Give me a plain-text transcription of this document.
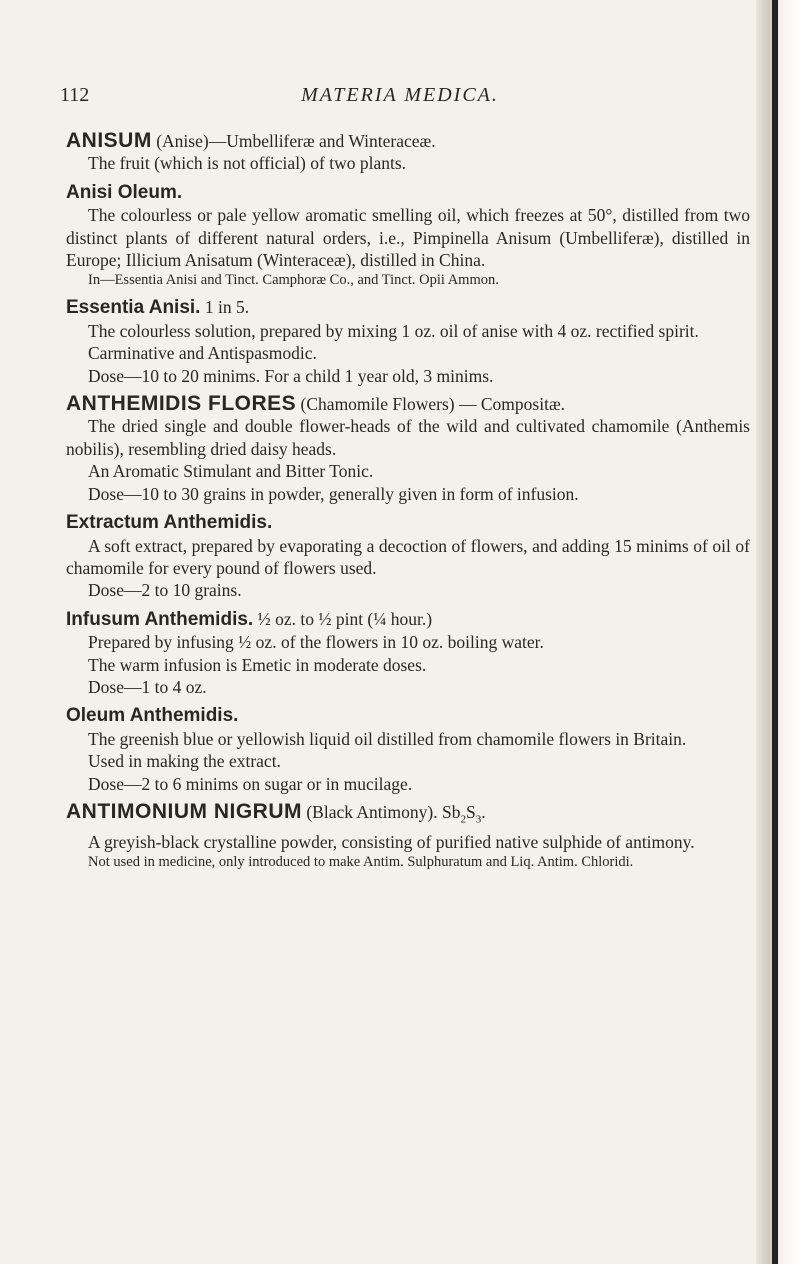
112	MATERIA MEDICA.
ANISUM (Anise)—Umbelliferæ and Winteraceæ.

The fruit (which is not official) of two plants.

Anisi Oleum.

The colourless or pale yellow aromatic smelling oil, which freezes at 50°, distilled from two distinct plants of different natural orders, i.e., Pimpinella Anisum (Umbelliferæ), distilled in Europe; Illicium Anisatum (Winteraceæ), distilled in China.

In—Essentia Anisi and Tinct. Camphoræ Co., and Tinct. Opii Ammon.

Essentia Anisi. 1 in 5.

The colourless solution, prepared by mixing 1 oz. oil of anise with 4 oz. rectified spirit.

Carminative and Antispasmodic.

Dose—10 to 20 minims. For a child 1 year old, 3 minims.

ANTHEMIDIS FLORES (Chamomile Flowers) — Compositæ.

The dried single and double flower-heads of the wild and cultivated chamomile (Anthemis nobilis), resembling dried daisy heads.

An Aromatic Stimulant and Bitter Tonic.

Dose—10 to 30 grains in powder, generally given in form of infusion.

Extractum Anthemidis.

A soft extract, prepared by evaporating a decoction of flowers, and adding 15 minims of oil of chamomile for every pound of flowers used.

Dose—2 to 10 grains.

Infusum Anthemidis. ½ oz. to ½ pint (¼ hour.)

Prepared by infusing ½ oz. of the flowers in 10 oz. boiling water.

The warm infusion is Emetic in moderate doses.

Dose—1 to 4 oz.

Oleum Anthemidis.

The greenish blue or yellowish liquid oil distilled from chamomile flowers in Britain.

Used in making the extract.

Dose—2 to 6 minims on sugar or in mucilage.

ANTIMONIUM NIGRUM (Black Antimony). $Sb_2S_3$.

A greyish-black crystalline powder, consisting of purified native sulphide of antimony.

Not used in medicine, only introduced to make Antim. Sulphuratum and Liq. Antim. Chloridi.
